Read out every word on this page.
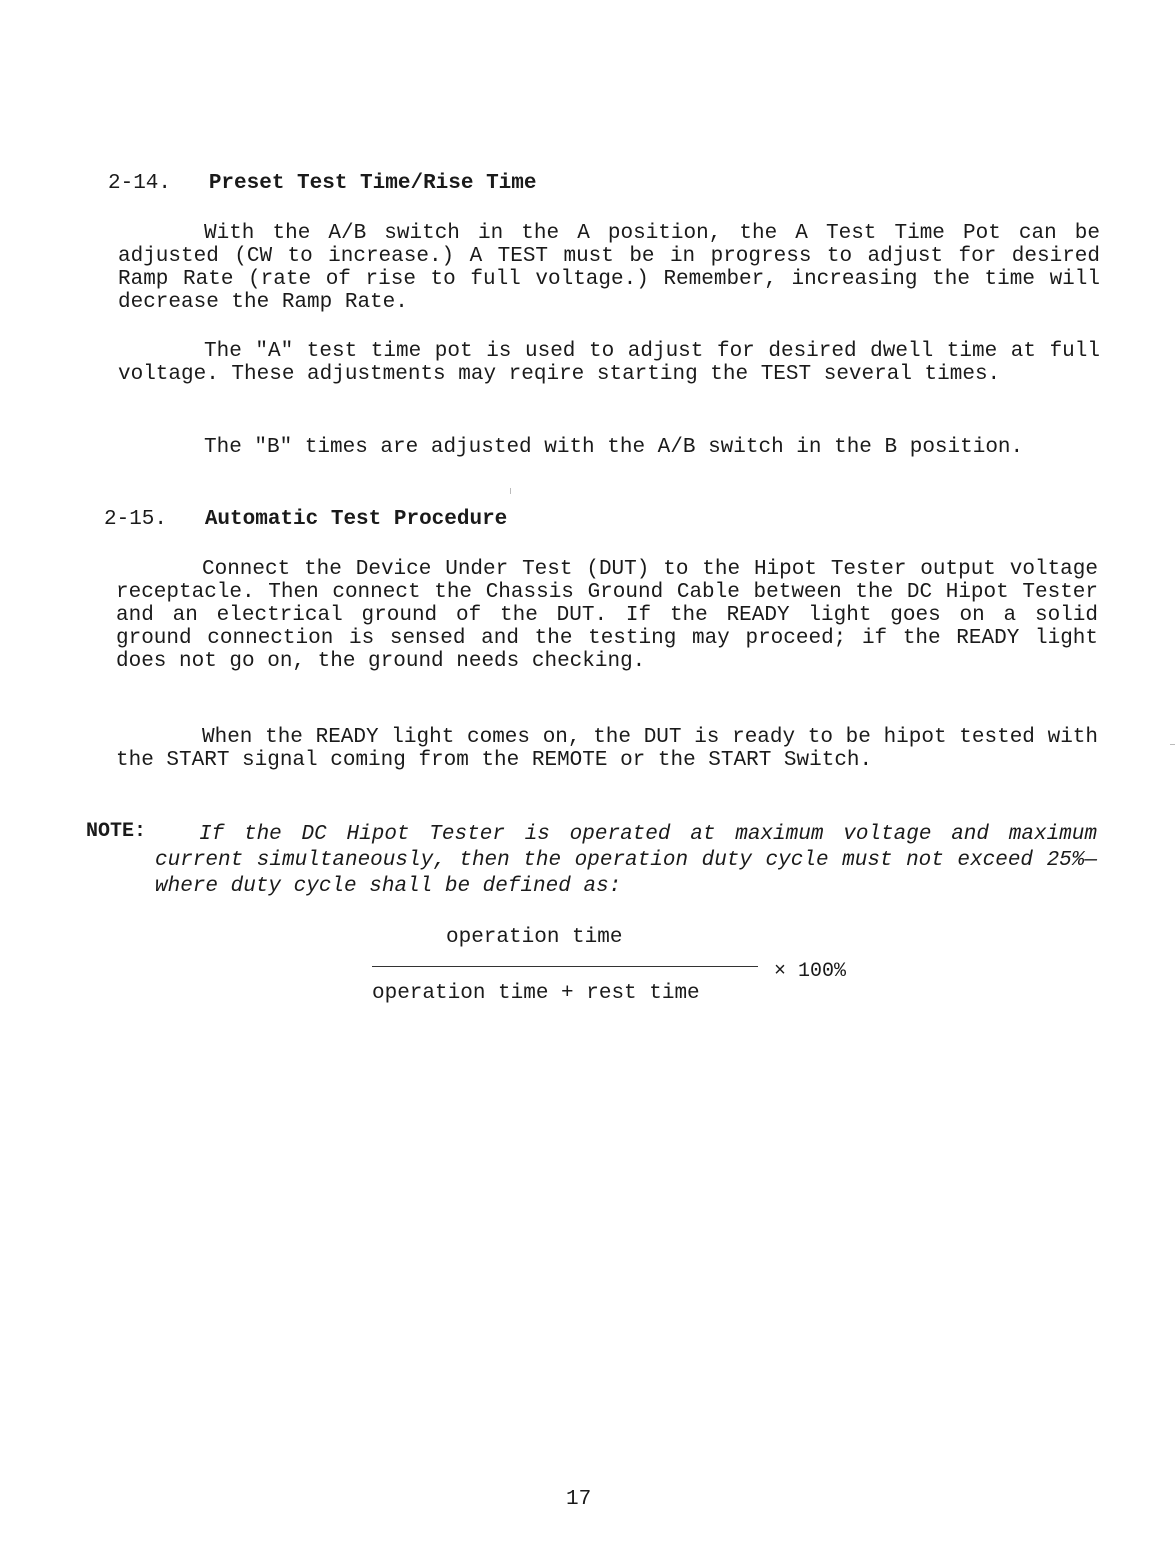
2-14. Preset Test Time/Rise Time
With the A/B switch in the A position, the A Test Time Pot can be adjusted (CW to increase.) A TEST must be in progress to adjust for desired Ramp Rate (rate of rise to full voltage.) Remember, increasing the time will decrease the Ramp Rate.
The "A" test time pot is used to adjust for desired dwell time at full voltage. These adjustments may reqire starting the TEST several times.
The "B" times are adjusted with the A/B switch in the B position.
2-15. Automatic Test Procedure
Connect the Device Under Test (DUT) to the Hipot Tester output voltage receptacle. Then connect the Chassis Ground Cable between the DC Hipot Tester and an electrical ground of the DUT. If the READY light goes on a solid ground connection is sensed and the testing may proceed; if the READY light does not go on, the ground needs checking.
When the READY light comes on, the DUT is ready to be hipot tested with the START signal coming from the REMOTE or the START Switch.
NOTE:	If the DC Hipot Tester is operated at maximum voltage and maximum current simultaneously, then the operation duty cycle must not exceed 25%—where duty cycle shall be defined as:
operation time
× 100%
operation time + rest time
17
